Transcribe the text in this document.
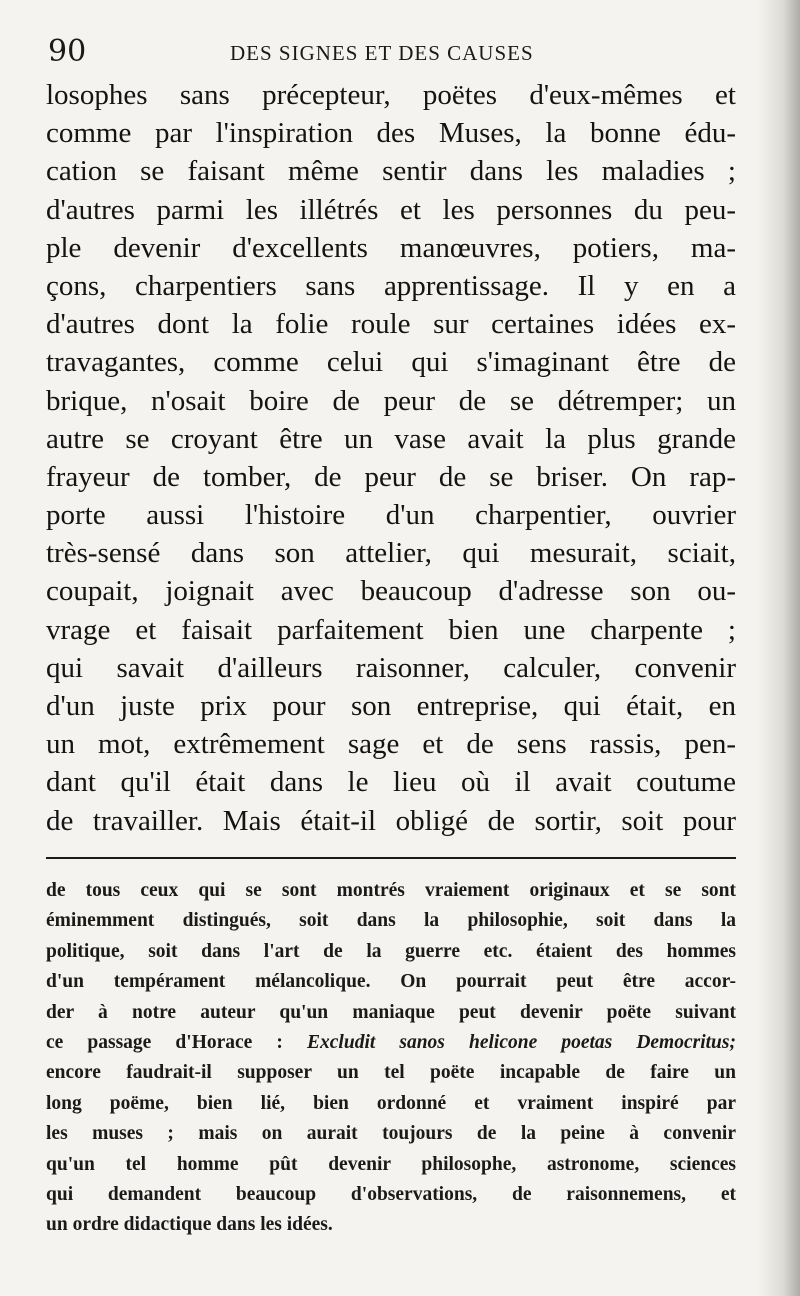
90	DES SIGNES ET DES CAUSES
losophes sans précepteur, poëtes d'eux-mêmes et
comme par l'inspiration des Muses, la bonne édu-
cation se faisant même sentir dans les maladies ;
d'autres parmi les illétrés et les personnes du peu-
ple devenir d'excellents manœuvres, potiers, ma-
çons, charpentiers sans apprentissage. Il y en a
d'autres dont la folie roule sur certaines idées ex-
travagantes, comme celui qui s'imaginant être de
brique, n'osait boire de peur de se détremper; un
autre se croyant être un vase avait la plus grande
frayeur de tomber, de peur de se briser. On rap-
porte aussi l'histoire d'un charpentier, ouvrier
très-sensé dans son attelier, qui mesurait, sciait,
coupait, joignait avec beaucoup d'adresse son ou-
vrage et faisait parfaitement bien une charpente ;
qui savait d'ailleurs raisonner, calculer, convenir
d'un juste prix pour son entreprise, qui était, en
un mot, extrêmement sage et de sens rassis, pen-
dant qu'il était dans le lieu où il avait coutume
de travailler. Mais était-il obligé de sortir, soit pour
de tous ceux qui se sont montrés vraiement originaux et se sont
éminemment distingués, soit dans la philosophie, soit dans la
politique, soit dans l'art de la guerre etc. étaient des hommes
d'un tempérament mélancolique. On pourrait peut être accor-
der à notre auteur qu'un maniaque peut devenir poëte suivant
ce passage d'Horace : Excludit sanos helicone poetas Democritus;
encore faudrait-il supposer un tel poëte incapable de faire un
long poëme, bien lié, bien ordonné et vraiment inspiré par
les muses ; mais on aurait toujours de la peine à convenir
qu'un tel homme pût devenir philosophe, astronome, sciences
qui demandent beaucoup d'observations, de raisonnemens, et
un ordre didactique dans les idées.
